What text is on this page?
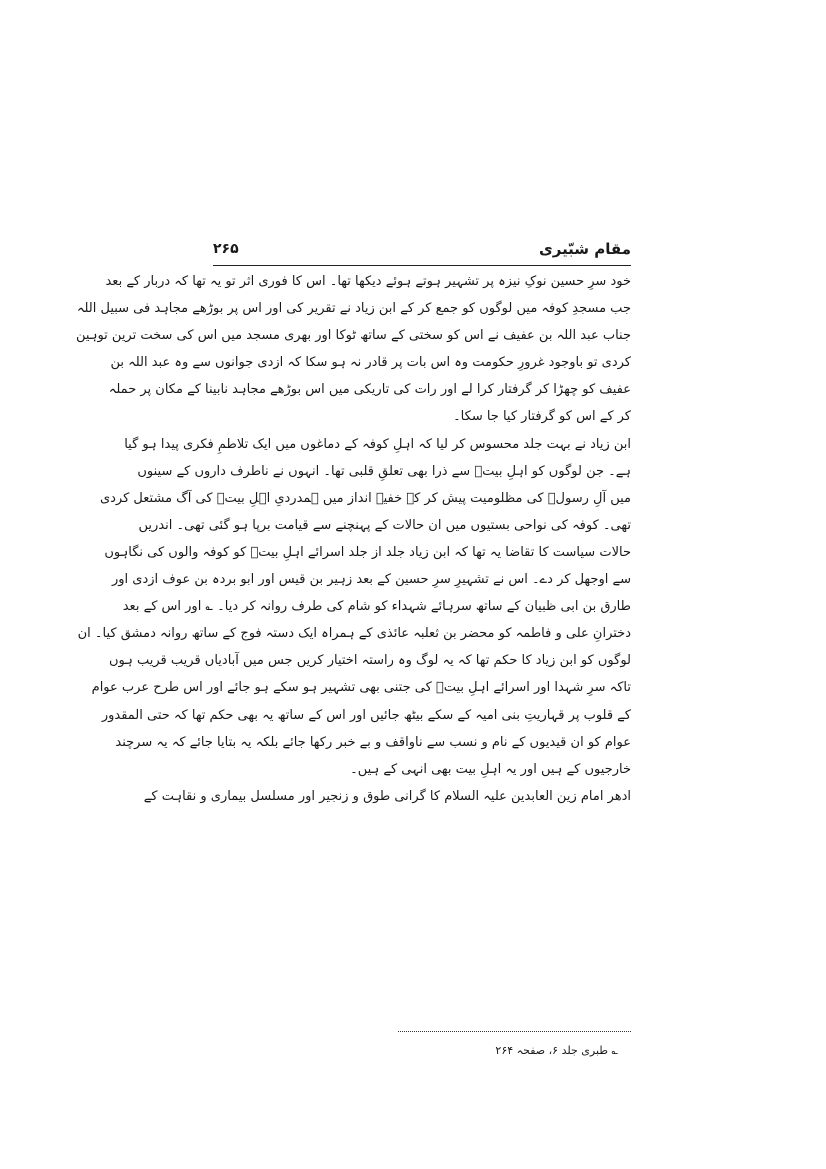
مقام شبّیری
۲۶۵
خود سرِ حسین نوکِ نیزہ پر تشہیر ہوتے ہوئے دیکھا تھا۔ اس کا فوری اثر تو یہ تھا کہ دربار کے بعد
جب مسجدِ کوفہ میں لوگوں کو جمع کر کے ابن زیاد نے تقریر کی اور اس پر بوڑھے مجاہد فی سبیل اللہ
جناب عبد اللہ بن عفیف نے اس کو سختی کے ساتھ ٹوکا اور بھری مسجد میں اس کی سخت ترین توہین
کردی تو باوجود غرورِ حکومت وہ اس بات پر قادر نہ ہو سکا کہ ازدی جوانوں سے وہ عبد اللہ بن
عفیف کو چھڑا کر گرفتار کرا لے اور رات کی تاریکی میں اس بوڑھے مجاہد نابینا کے مکان پر حملہ
کر کے اس کو گرفتار کیا جا سکا۔
ابن زیاد نے بہت جلد محسوس کر لیا کہ اہلِ کوفہ کے دماغوں میں ایک تلاطمِ فکری پیدا ہو گیا
ہے۔ جن لوگوں کو اہلِ بیتؑ سے ذرا بھی تعلقِ قلبی تھا۔ انہوں نے ناطرف داروں کے سینوں
میں آلِ رسولؐ کی مظلومیت پیش کر کے خفیہ انداز میں ہمدردیِ اہلِ بیتؑ کی آگ مشتعل کردی
تھی۔ کوفہ کی نواحی بستیوں میں ان حالات کے پہنچنے سے قیامت برپا ہو گئی تھی۔ اندریں
حالات سیاست کا تقاضا یہ تھا کہ ابن زیاد جلد از جلد اسرائے اہلِ بیتؑ کو کوفہ والوں کی نگاہوں
سے اوجھل کر دے۔ اس نے تشہیرِ سرِ حسین کے بعد زہیر بن قیس اور ابو بردہ بن عوف ازدی اور
طارق بن ابی ظبیان کے ساتھ سرہائے شہداء کو شام کی طرف روانہ کر دیا۔ ؎ اور اس کے بعد
دخترانِ علی و فاطمہ کو محضر بن ثعلبہ عائذی کے ہمراہ ایک دستہ فوج کے ساتھ روانہ دمشق کیا۔ ان
لوگوں کو ابن زیاد کا حکم تھا کہ یہ لوگ وہ راستہ اختیار کریں جس میں آبادیاں قریب قریب ہوں
تاکہ سرِ شہدا اور اسرائے اہلِ بیتؑ کی جتنی بھی تشہیر ہو سکے ہو جائے اور اس طرح عرب عوام
کے قلوب پر قہاریتِ بنی امیہ کے سکے بیٹھ جائیں اور اس کے ساتھ یہ بھی حکم تھا کہ حتی المقدور
عوام کو ان قیدیوں کے نام و نسب سے ناواقف و بے خبر رکھا جائے بلکہ یہ بتایا جائے کہ یہ سرچند
خارجیوں کے ہیں اور یہ اہلِ بیت بھی انہی کے ہیں۔
ادھر امام زین العابدین علیہ السلام کا گرانی طوق و زنجیر اور مسلسل بیماری و نقاہت کے
؎ طبری جلد ۶، صفحہ ۲۶۴
